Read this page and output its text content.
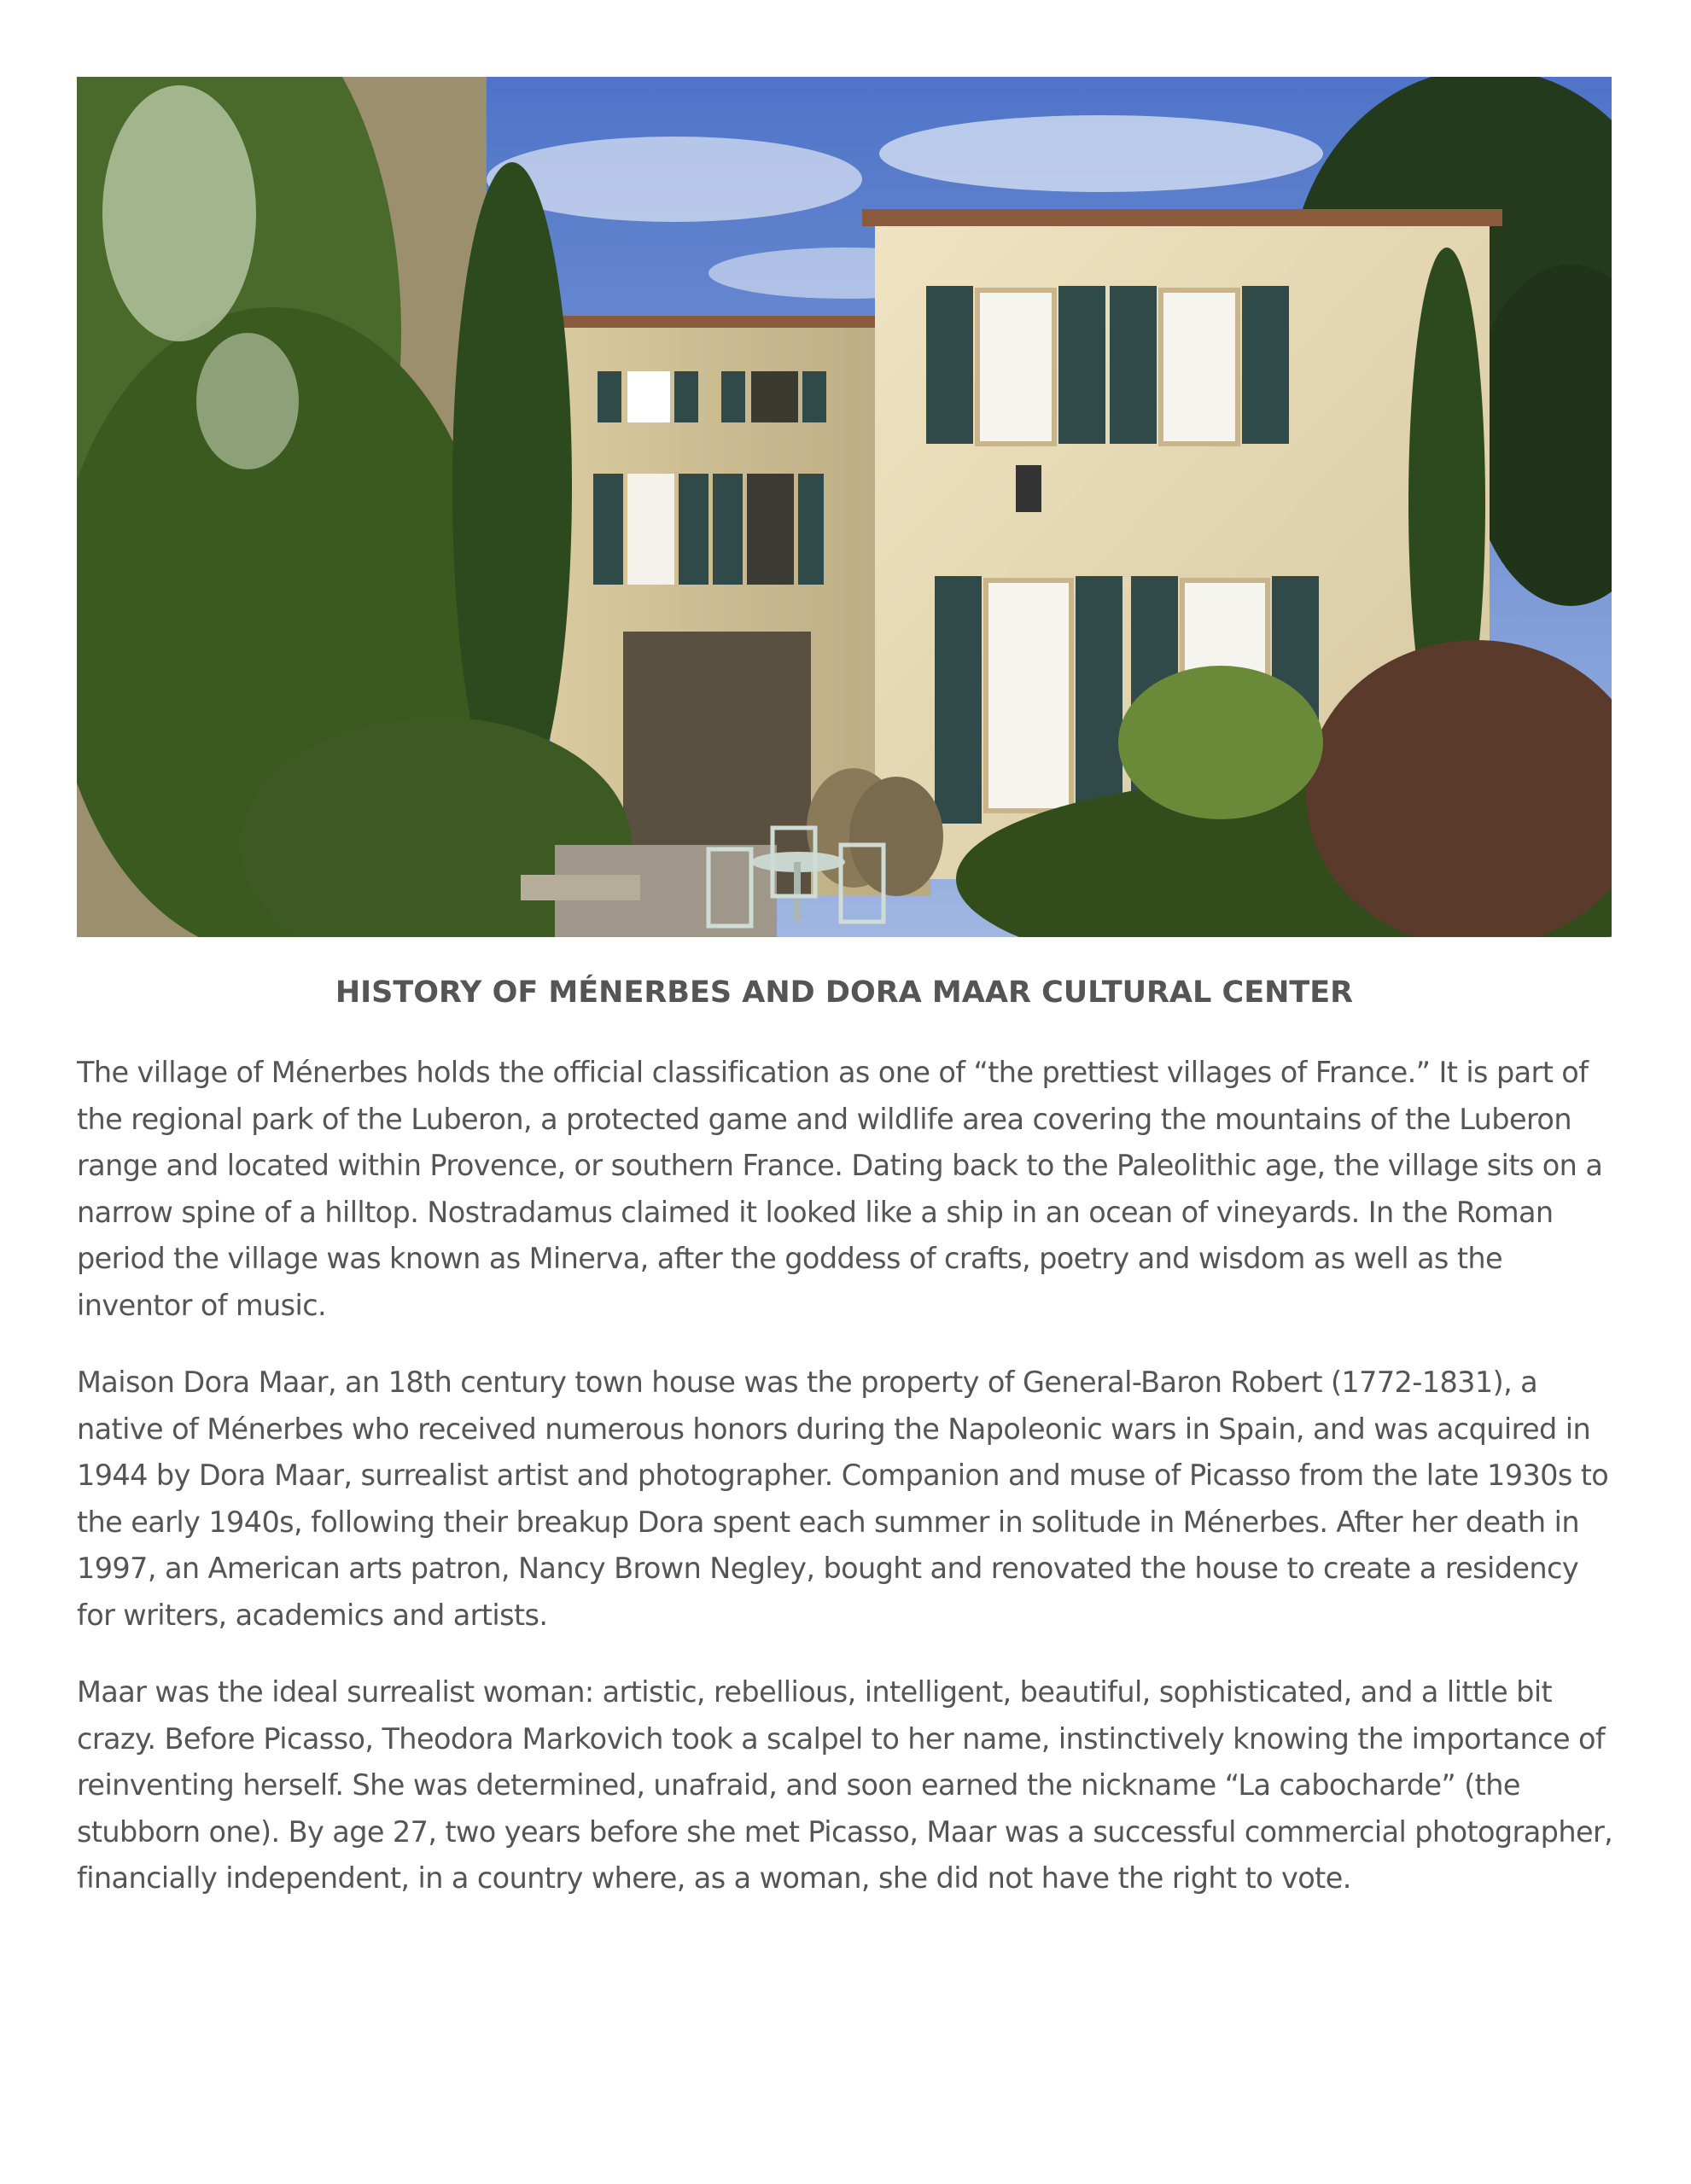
HISTORY OF MÉNERBES AND DORA MAAR CULTURAL CENTER

The village of Ménerbes holds the official classification as one of “the prettiest villages of France.” It is part of the regional park of the Luberon, a protected game and wildlife area covering the mountains of the Luberon range and located within Provence, or southern France. Dating back to the Paleolithic age, the village sits on a narrow spine of a hilltop. Nostradamus claimed it looked like a ship in an ocean of vineyards. In the Roman period the village was known as Minerva, after the goddess of crafts, poetry and wisdom as well as the inventor of music.

Maison Dora Maar, an 18th century town house was the property of General-Baron Robert (1772-1831), a native of Ménerbes who received numerous honors during the Napoleonic wars in Spain, and was acquired in 1944 by Dora Maar, surrealist artist and photographer. Companion and muse of Picasso from the late 1930s to the early 1940s, following their breakup Dora spent each summer in solitude in Ménerbes. After her death in 1997, an American arts patron, Nancy Brown Negley, bought and renovated the house to create a residency for writers, academics and artists.

Maar was the ideal surrealist woman: artistic, rebellious, intelligent, beautiful, sophisticated, and a little bit crazy. Before Picasso, Theodora Markovich took a scalpel to her name, instinctively knowing the importance of reinventing herself. She was determined, unafraid, and soon earned the nickname “La cabocharde” (the stubborn one). By age 27, two years before she met Picasso, Maar was a successful commercial photographer, financially independent, in a country where, as a woman, she did not have the right to vote.
